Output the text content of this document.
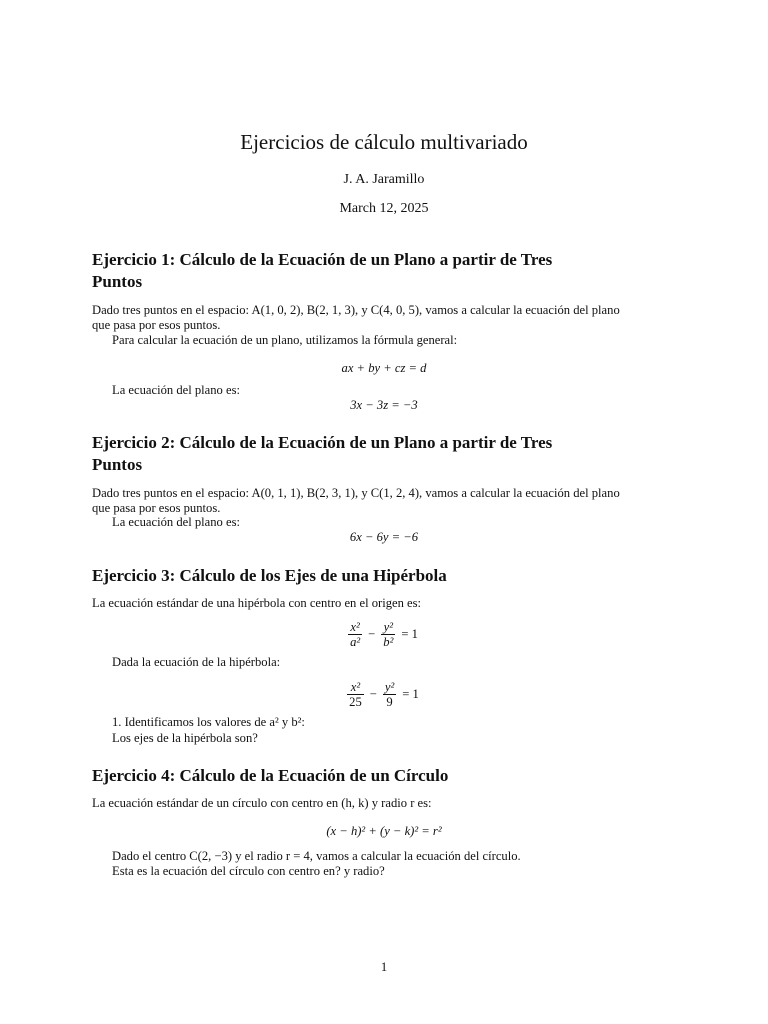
Ejercicios de cálculo multivariado
J. A. Jaramillo
March 12, 2025
Ejercicio 1: Cálculo de la Ecuación de un Plano a partir de Tres
Puntos
Dado tres puntos en el espacio: A(1, 0, 2), B(2, 1, 3), y C(4, 0, 5), vamos a calcular la ecuación del plano
que pasa por esos puntos.
Para calcular la ecuación de un plano, utilizamos la fórmula general:
ax + by + cz = d
La ecuación del plano es:
3x − 3z = −3
Ejercicio 2: Cálculo de la Ecuación de un Plano a partir de Tres
Puntos
Dado tres puntos en el espacio: A(0, 1, 1), B(2, 3, 1), y C(1, 2, 4), vamos a calcular la ecuación del plano
que pasa por esos puntos.
La ecuación del plano es:
6x − 6y = −6
Ejercicio 3: Cálculo de los Ejes de una Hipérbola
La ecuación estándar de una hipérbola con centro en el origen es:
$\frac{\text{x²}}{\text{a²}} - \frac{\text{y²}}{\text{b²}} = 1$
Dada la ecuación de la hipérbola:
$\frac{\text{x²}}{25} - \frac{\text{y²}}{9} = 1$
1. Identificamos los valores de a² y b²:
Los ejes de la hipérbola son?
Ejercicio 4: Cálculo de la Ecuación de un Círculo
La ecuación estándar de un círculo con centro en (h, k) y radio r es:
(x − h)² + (y − k)² = r²
Dado el centro C(2, −3) y el radio r = 4, vamos a calcular la ecuación del círculo.
Esta es la ecuación del círculo con centro en? y radio?
1
